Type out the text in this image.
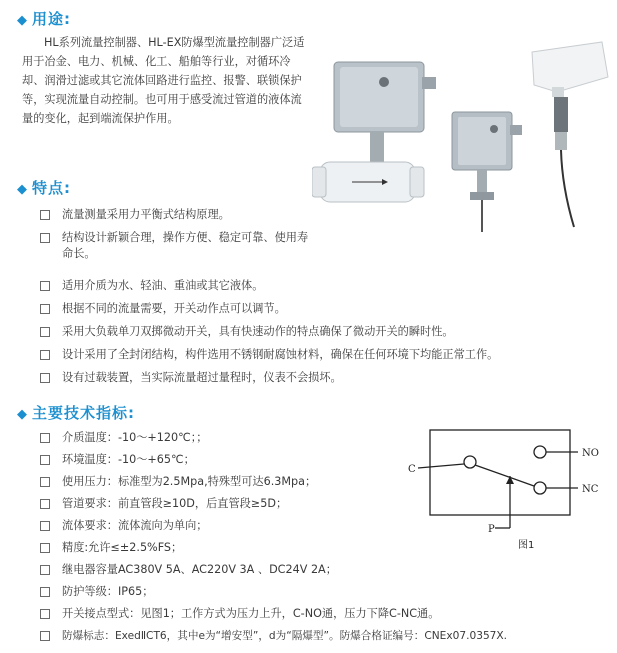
◆ 用途:
HL系列流量控制器、HL-EX防爆型流量控制器广泛适用于冶金、电力、机械、化工、船舶等行业，对循环冷却、润滑过滤或其它流体回路进行监控、报警、联锁保护等，实现流量自动控制。也可用于感受流过管道的液体流量的变化，起到端流保护作用。
◆ 特点:
流量测量采用力平衡式结构原理。
结构设计新颖合理，操作方便、稳定可靠、使用寿命长。
适用介质为水、轻油、重油或其它液体。
根据不同的流量需要，开关动作点可以调节。
采用大负载单刀双掷微动开关，具有快速动作的特点确保了微动开关的瞬时性。
设计采用了全封闭结构，构件选用不锈钢耐腐蚀材料，确保在任何环境下均能正常工作。
设有过载装置，当实际流量超过量程时，仪表不会损坏。
◆ 主要技术指标:
介质温度：-10～+120℃；；
环境温度：-10～+65℃；
使用压力：标准型为2.5Mpa,特殊型可达6.3Mpa；
管道要求：前直管段≥10D，后直管段≥5D；
流体要求：流体流向为单向；
精度:允许≤±2.5%FS；
继电器容量AC380V 5A、AC220V 3A 、DC24V 2A；
防护等级：IP65；
开关接点型式：见图1；工作方式为压力上升，C-NO通，压力下降C-NC通。
防爆标志：ExedⅡCT6，其中e为“增安型”，d为“隔爆型”。防爆合格证编号：CNEx07.0357X.
NO
NC
C
P
图1
